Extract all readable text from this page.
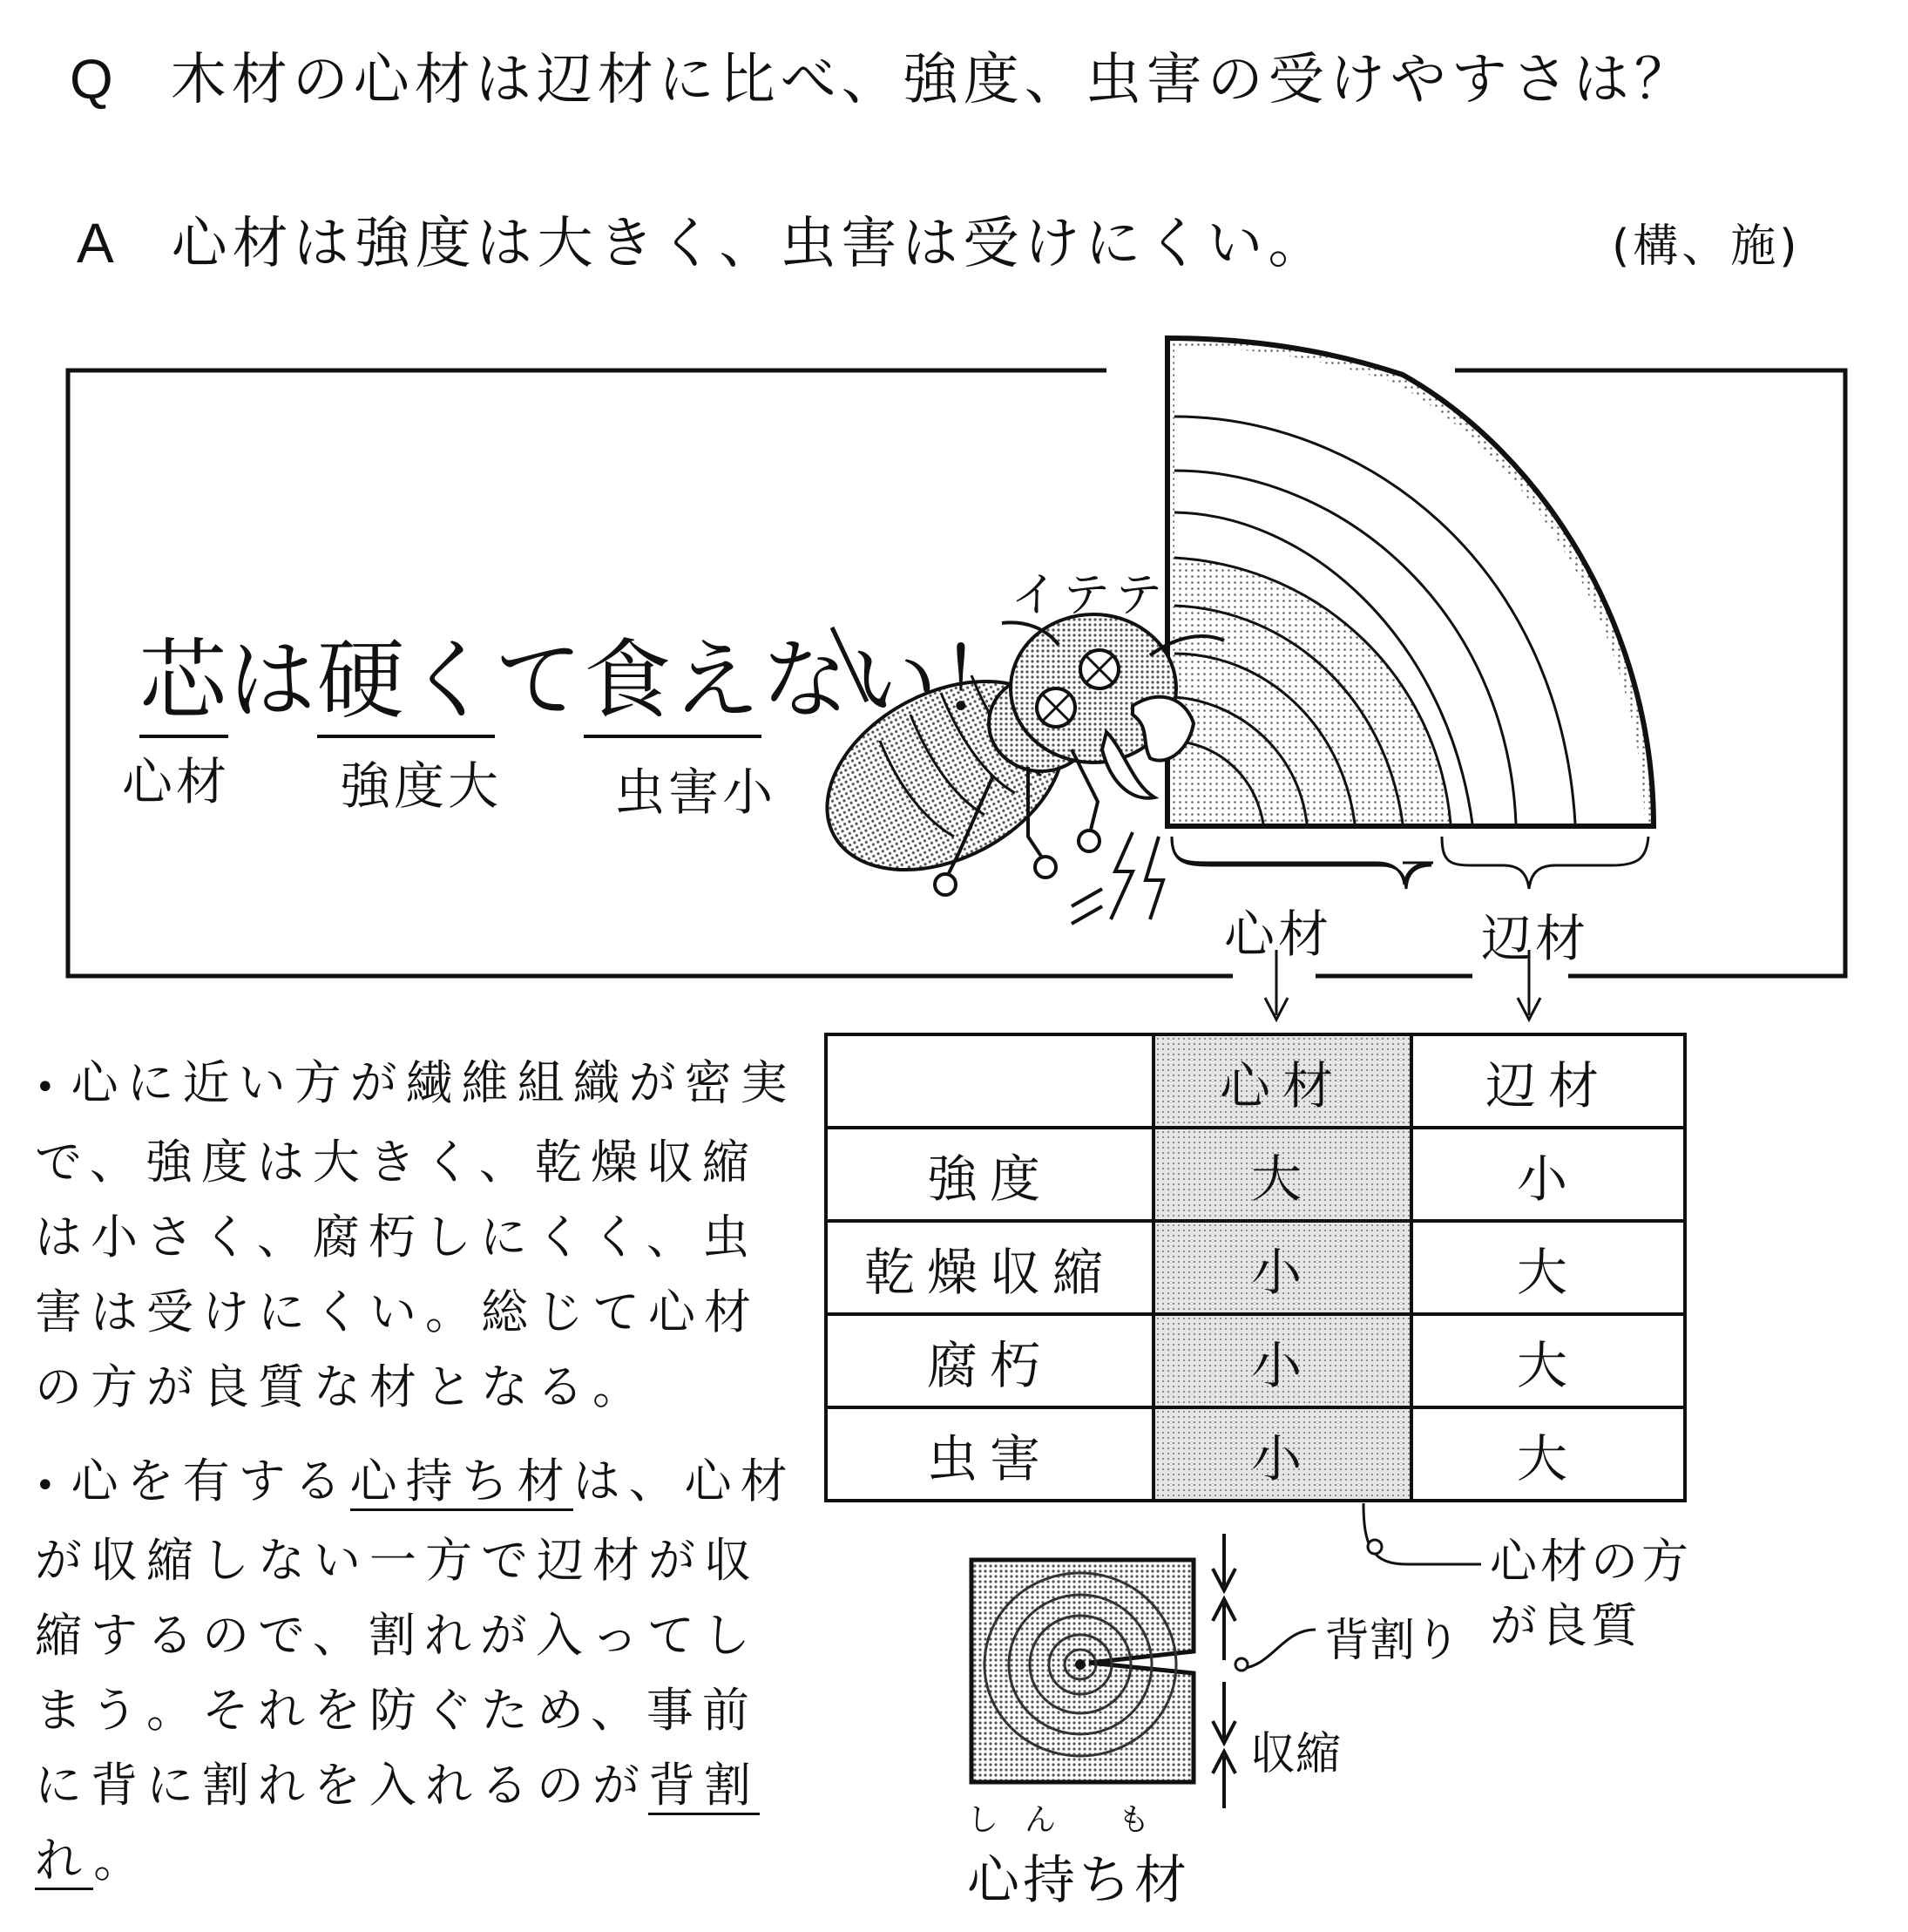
Q 木材の心材は辺材に比べ、強度、虫害の受けやすさは？
A 心材は強度は大きく、虫害は受けにくい。	(構、施)
芯は硬くて食えない！
心材 強度大 虫害小
イテテ
心材	辺材
	心材	辺材
強度	大	小
乾燥収縮	小	大
腐朽	小	大
虫害	小	大
心材の方
が良質

• 心に近い方が繊維組織が密実で、強度は大きく、乾燥収縮は小さく、腐朽しにくく、虫害は受けにくい。総じて心材の方が良質な材となる。

• 心を有する心持ち材は、心材が収縮しない一方で辺材が収縮するので、割れが入ってしまう。それを防ぐため、事前に背に割れを入れるのが背割れ。

背割り
収縮
しん も
心持ち材
